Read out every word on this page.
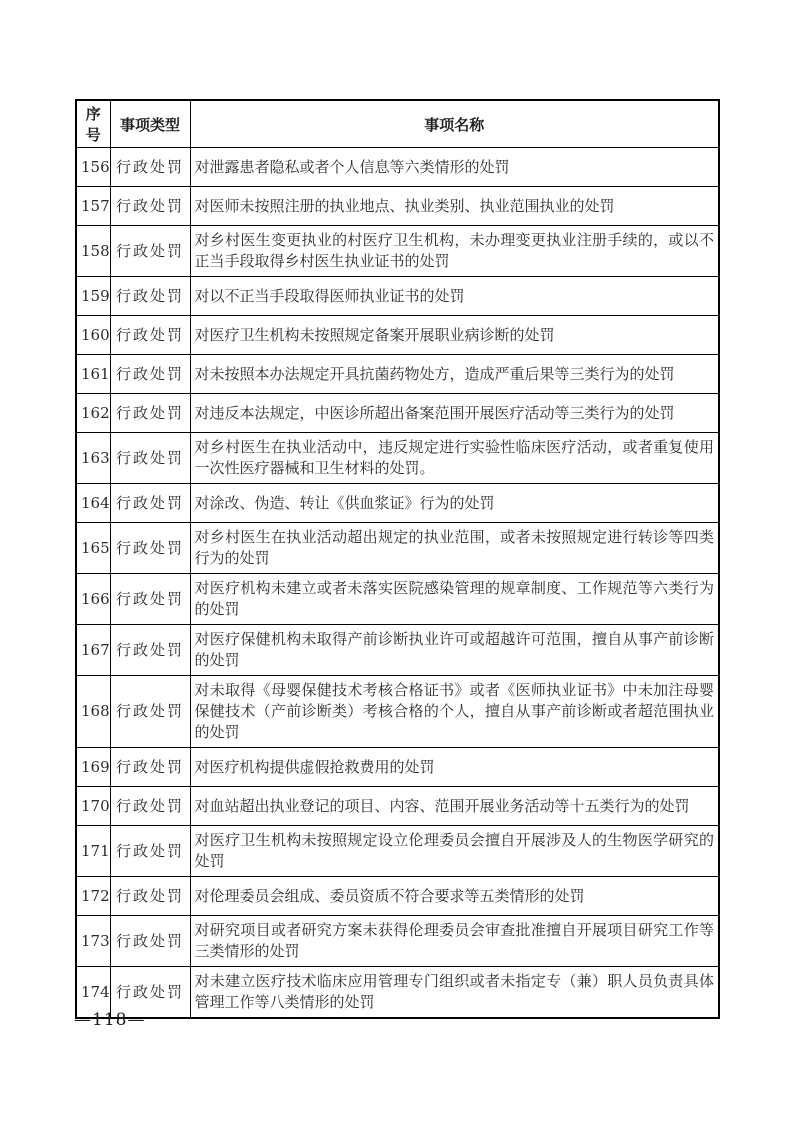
序号	事项类型	事项名称
156	行政处罚	对泄露患者隐私或者个人信息等六类情形的处罚
157	行政处罚	对医师未按照注册的执业地点、执业类别、执业范围执业的处罚
158	行政处罚	对乡村医生变更执业的村医疗卫生机构，未办理变更执业注册手续的，或以不正当手段取得乡村医生执业证书的处罚
159	行政处罚	对以不正当手段取得医师执业证书的处罚
160	行政处罚	对医疗卫生机构未按照规定备案开展职业病诊断的处罚
161	行政处罚	对未按照本办法规定开具抗菌药物处方，造成严重后果等三类行为的处罚
162	行政处罚	对违反本法规定，中医诊所超出备案范围开展医疗活动等三类行为的处罚
163	行政处罚	对乡村医生在执业活动中，违反规定进行实验性临床医疗活动，或者重复使用一次性医疗器械和卫生材料的处罚。
164	行政处罚	对涂改、伪造、转让《供血浆证》行为的处罚
165	行政处罚	对乡村医生在执业活动超出规定的执业范围，或者未按照规定进行转诊等四类行为的处罚
166	行政处罚	对医疗机构未建立或者未落实医院感染管理的规章制度、工作规范等六类行为的处罚
167	行政处罚	对医疗保健机构未取得产前诊断执业许可或超越许可范围，擅自从事产前诊断的处罚
168	行政处罚	对未取得《母婴保健技术考核合格证书》或者《医师执业证书》中未加注母婴保健技术（产前诊断类）考核合格的个人，擅自从事产前诊断或者超范围执业的处罚
169	行政处罚	对医疗机构提供虚假抢救费用的处罚
170	行政处罚	对血站超出执业登记的项目、内容、范围开展业务活动等十五类行为的处罚
171	行政处罚	对医疗卫生机构未按照规定设立伦理委员会擅自开展涉及人的生物医学研究的处罚
172	行政处罚	对伦理委员会组成、委员资质不符合要求等五类情形的处罚
173	行政处罚	对研究项目或者研究方案未获得伦理委员会审查批准擅自开展项目研究工作等三类情形的处罚
174	行政处罚	对未建立医疗技术临床应用管理专门组织或者未指定专（兼）职人员负责具体管理工作等八类情形的处罚
—118—
